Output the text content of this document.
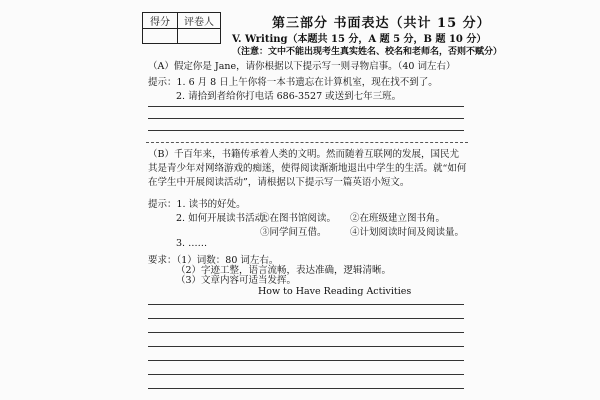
得分	评卷人
		第三部分 书面表达（共计 15 分）
V. Writing（本题共 15 分，A 题 5 分，B 题 10 分）
（注意：文中不能出现考生真实姓名、校名和老师名，否则不赋分）
（A）假定你是 Jane，请你根据以下提示写一则寻物启事。（40 词左右）
提示：1. 6 月 8 日上午你将一本书遗忘在计算机室，现在找不到了。
2. 请拾到者给你打电话 686-3527 或送到七年三班。
（B）千百年来，书籍传承着人类的文明。然而随着互联网的发展，国民尤其是青少年对网络游戏的痴迷，使得阅读渐渐地退出中学生的生活。就“如何在学生中开展阅读活动”，请根据以下提示写一篇英语小短文。
提示：1. 读书的好处。
2. 如何开展读书活动：
①在图书馆阅读。 ②在班级建立图书角。
③同学间互借。 ④计划阅读时间及阅读量。
3. ……
要求：（1）词数：80 词左右。
（2）字迹工整，语言流畅，表达准确，逻辑清晰。
（3）文章内容可适当发挥。
How to Have Reading Activities
